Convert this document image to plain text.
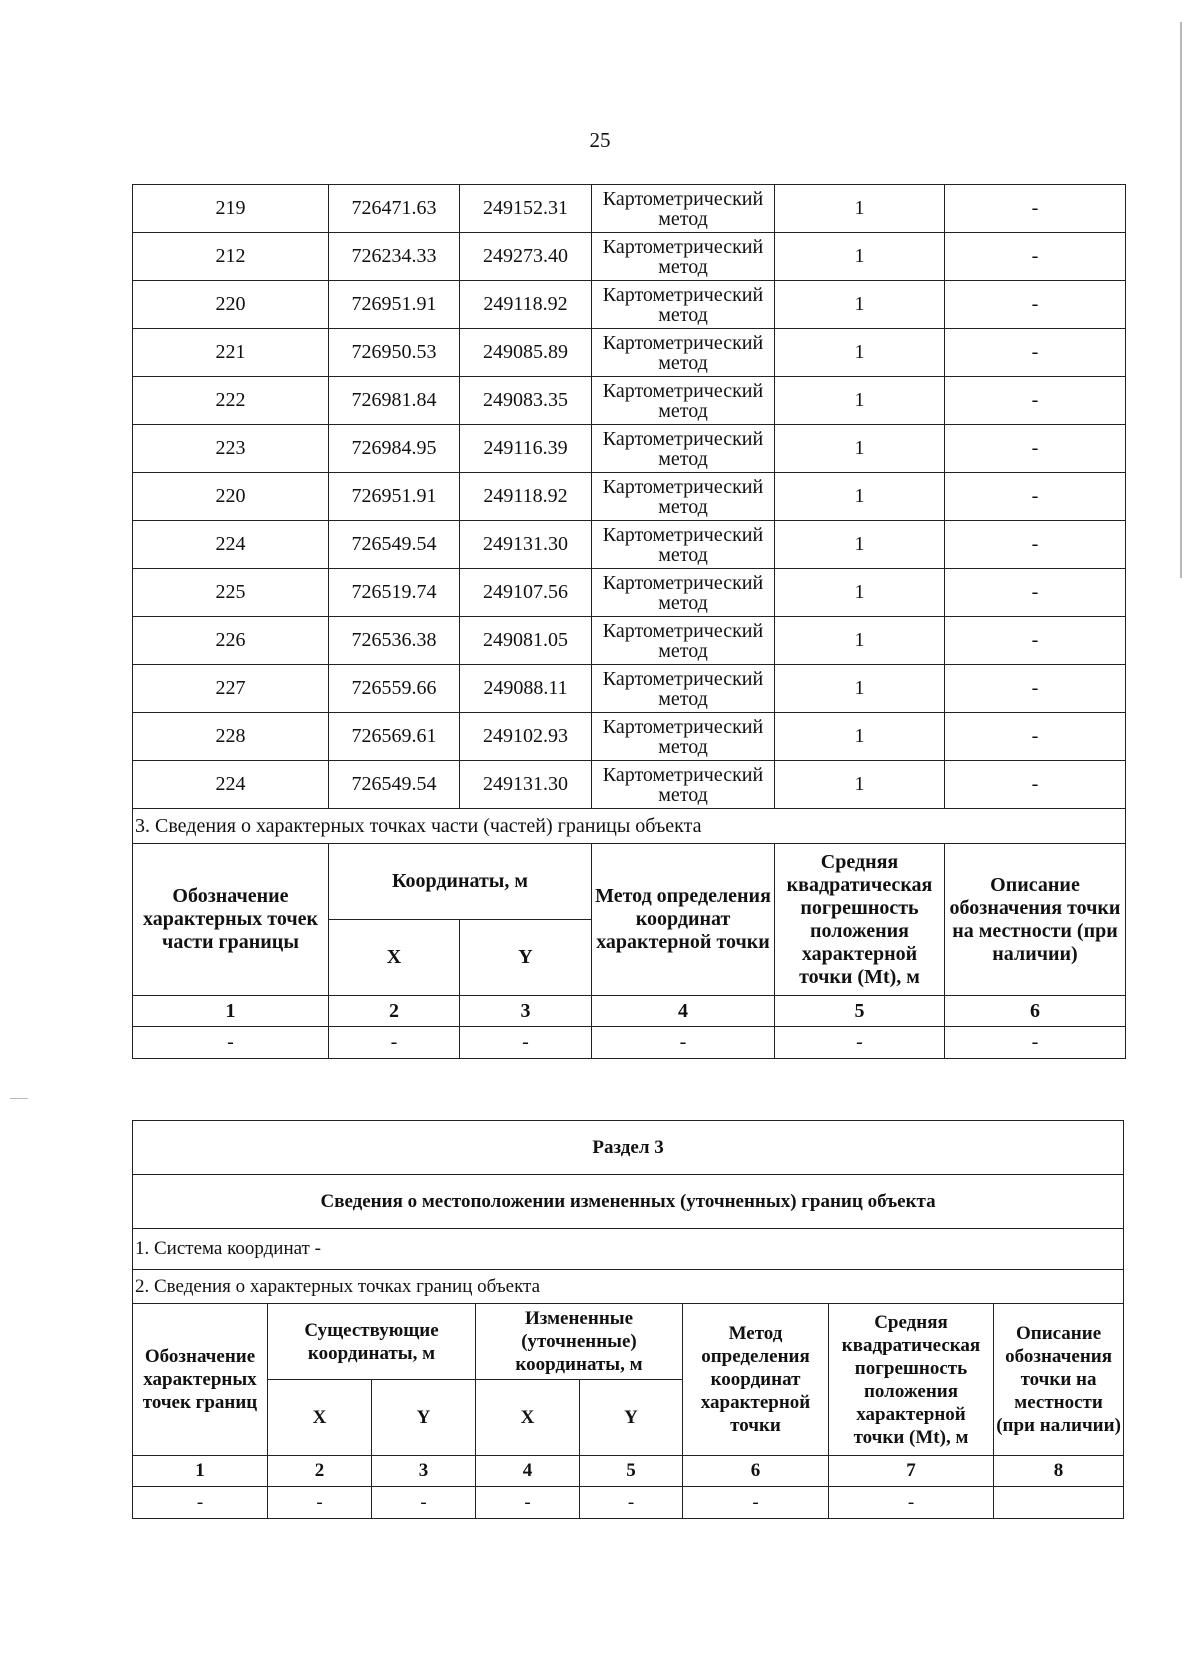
25
219	726471.63	249152.31	Картометрический метод	1	-
212	726234.33	249273.40	Картометрический метод	1	-
220	726951.91	249118.92	Картометрический метод	1	-
221	726950.53	249085.89	Картометрический метод	1	-
222	726981.84	249083.35	Картометрический метод	1	-
223	726984.95	249116.39	Картометрический метод	1	-
220	726951.91	249118.92	Картометрический метод	1	-
224	726549.54	249131.30	Картометрический метод	1	-
225	726519.74	249107.56	Картометрический метод	1	-
226	726536.38	249081.05	Картометрический метод	1	-
227	726559.66	249088.11	Картометрический метод	1	-
228	726569.61	249102.93	Картометрический метод	1	-
224	726549.54	249131.30	Картометрический метод	1	-
3. Сведения о характерных точках части (частей) границы объекта					
Обозначение характерных точек части границы	Координаты, м		Метод определения координат характерной точки	Средняя квадратическая погрешность положения характерной точки (Mt), м	Описание обозначения точки на местности (при наличии)
	X	Y			
1	2	3	4	5	6
-	-	-	-	-	-
Раздел 3							
Сведения о местоположении измененных (уточненных) границ объекта							
1. Система координат -							
2. Сведения о характерных точках границ объекта							
Обозначение характерных точек границ	Существующие координаты, м		Измененные (уточненные) координаты, м		Метод определения координат характерной точки	Средняя квадратическая погрешность положения характерной точки (Mt), м	Описание обозначения точки на местности (при наличии)
	X	Y	X	Y			
1	2	3	4	5	6	7	8
-	-	-	-	-	-	-	
